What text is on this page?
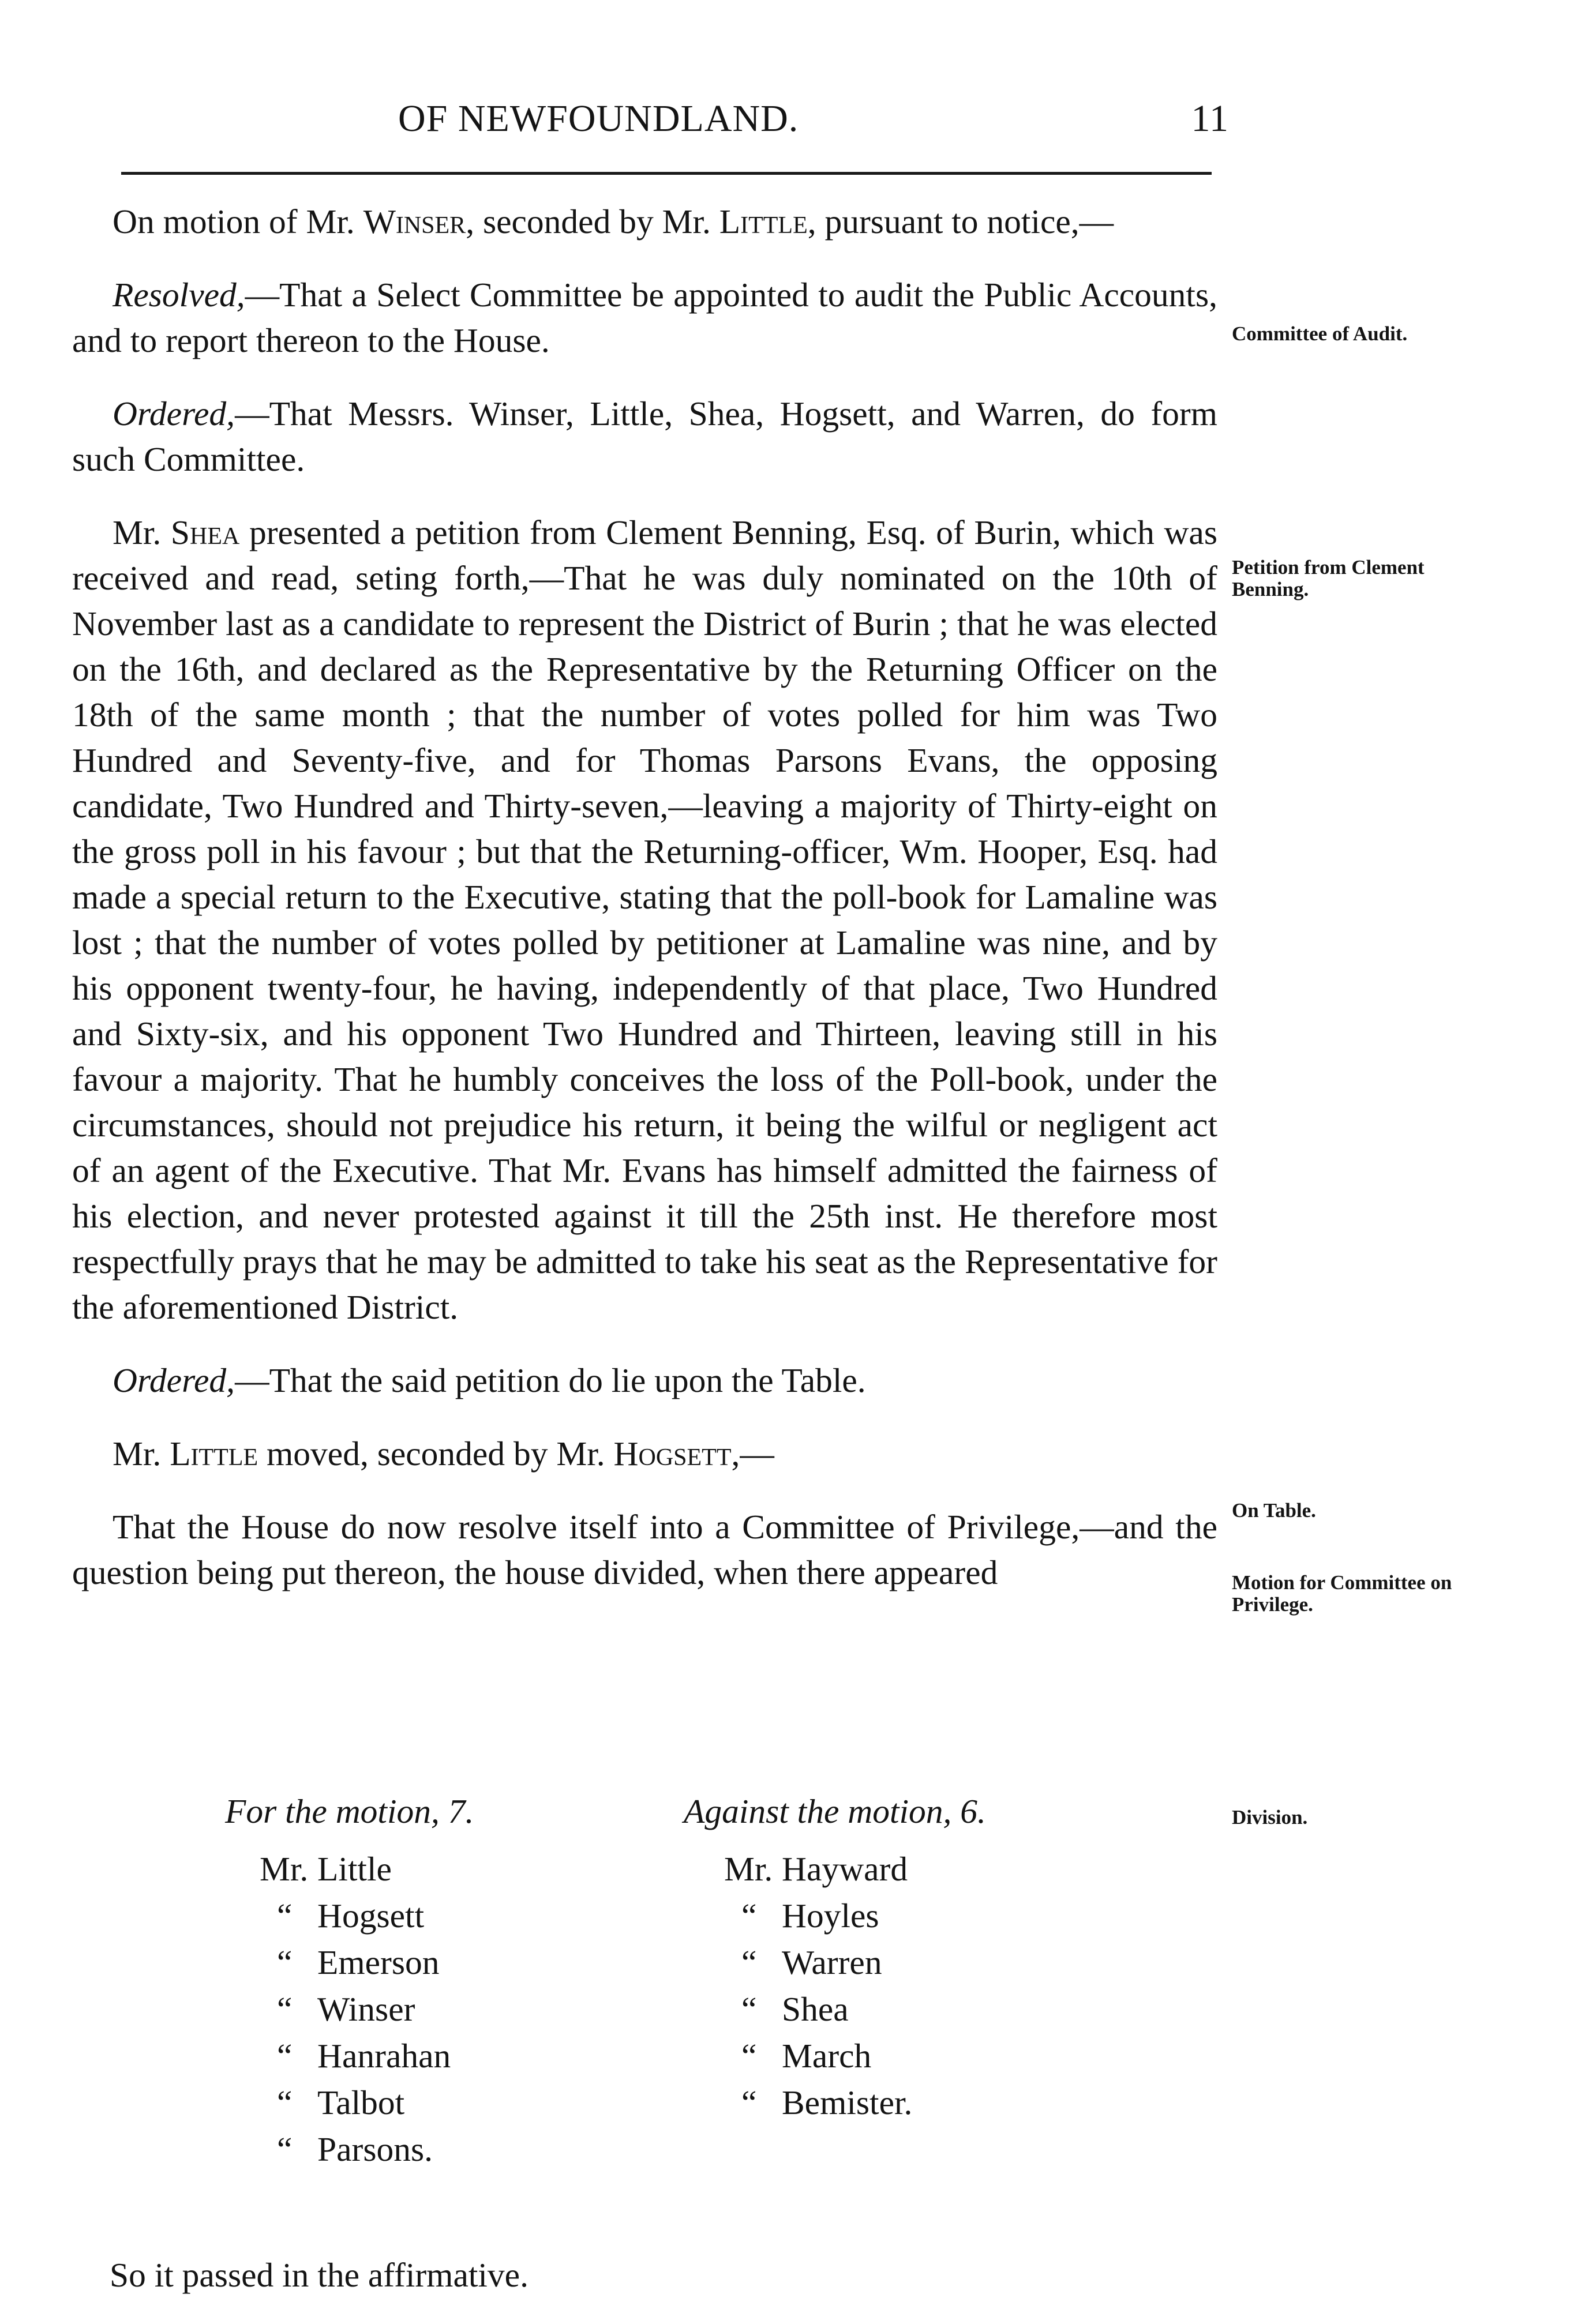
OF NEWFOUNDLAND.	11

On motion of Mr. Winser, seconded by Mr. Little, pursuant to notice,—

Resolved,—That a Select Committee be appointed to audit the Public Accounts, and to report thereon to the House.

Ordered,—That Messrs. Winser, Little, Shea, Hogsett, and Warren, do form such Committee.

Mr. Shea presented a petition from Clement Benning, Esq. of Burin, which was received and read, seting forth,—That he was duly nominated on the 10th of November last as a candidate to represent the District of Burin ; that he was elected on the 16th, and declared as the Representative by the Returning Officer on the 18th of the same month ; that the number of votes polled for him was Two Hundred and Seventy-five, and for Thomas Parsons Evans, the opposing candidate, Two Hundred and Thirty-seven,—leaving a majority of Thirty-eight on the gross poll in his favour ; but that the Returning-officer, Wm. Hooper, Esq. had made a special return to the Executive, stating that the poll-book for Lamaline was lost ; that the number of votes polled by petitioner at Lamaline was nine, and by his opponent twenty-four, he having, independently of that place, Two Hundred and Sixty-six, and his opponent Two Hundred and Thirteen, leaving still in his favour a majority. That he humbly conceives the loss of the Poll-book, under the circumstances, should not prejudice his return, it being the wilful or negligent act of an agent of the Executive. That Mr. Evans has himself admitted the fairness of his election, and never protested against it till the 25th inst. He therefore most respectfully prays that he may be admitted to take his seat as the Representative for the aforementioned District.

Ordered,—That the said petition do lie upon the Table.

Mr. Little moved, seconded by Mr. Hogsett,—

That the House do now resolve itself into a Committee of Privilege,—and the question being put thereon, the house divided, when there appeared

Committee of Audit.
Petition from Clement Benning.
On Table.
Motion for Committee on Privilege.
Division.
For the motion, 7.	Against the motion, 6.
Mr. Little
“ Hogsett
“ Emerson
“ Winser
“ Hanrahan
“ Talbot
“ Parsons.
Mr. Hayward
“ Hoyles
“ Warren
“ Shea
“ March
“ Bemister.
So it passed in the affirmative.
